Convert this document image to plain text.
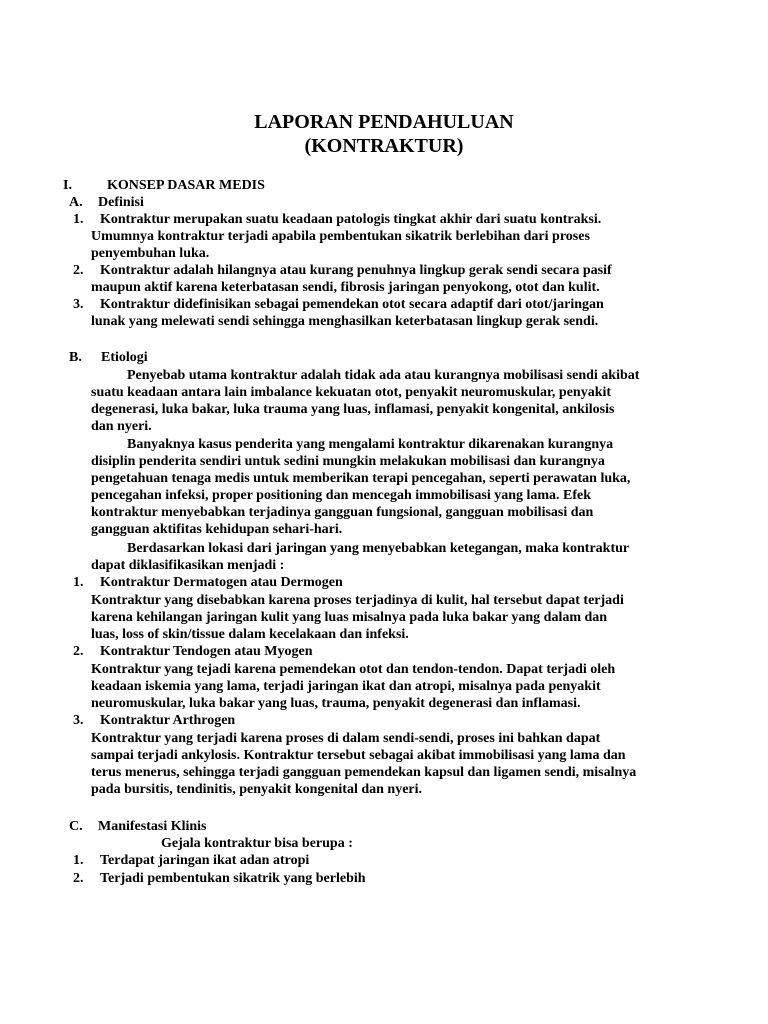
LAPORAN PENDAHULUAN
(KONTRAKTUR)
I.	KONSEP DASAR MEDIS
A. Definisi
1. Kontraktur merupakan suatu keadaan patologis tingkat akhir dari suatu kontraksi.
Umumnya kontraktur terjadi apabila pembentukan sikatrik berlebihan dari proses
penyembuhan luka.
2. Kontraktur adalah hilangnya atau kurang penuhnya lingkup gerak sendi secara pasif
maupun aktif karena keterbatasan sendi, fibrosis jaringan penyokong, otot dan kulit.
3. Kontraktur didefinisikan sebagai pemendekan otot secara adaptif dari otot/jaringan
lunak yang melewati sendi sehingga menghasilkan keterbatasan lingkup gerak sendi.
B. Etiologi
Penyebab utama kontraktur adalah tidak ada atau kurangnya mobilisasi sendi akibat
suatu keadaan antara lain imbalance kekuatan otot, penyakit neuromuskular, penyakit
degenerasi, luka bakar, luka trauma yang luas, inflamasi, penyakit kongenital, ankilosis
dan nyeri.
Banyaknya kasus penderita yang mengalami kontraktur dikarenakan kurangnya
disiplin penderita sendiri untuk sedini mungkin melakukan mobilisasi dan kurangnya
pengetahuan tenaga medis untuk memberikan terapi pencegahan, seperti perawatan luka,
pencegahan infeksi, proper positioning dan mencegah immobilisasi yang lama. Efek
kontraktur menyebabkan terjadinya gangguan fungsional, gangguan mobilisasi dan
gangguan aktifitas kehidupan sehari-hari.
Berdasarkan lokasi dari jaringan yang menyebabkan ketegangan, maka kontraktur
dapat diklasifikasikan menjadi :
1. Kontraktur Dermatogen atau Dermogen
Kontraktur yang disebabkan karena proses terjadinya di kulit, hal tersebut dapat terjadi
karena kehilangan jaringan kulit yang luas misalnya pada luka bakar yang dalam dan
luas, loss of skin/tissue dalam kecelakaan dan infeksi.
2. Kontraktur Tendogen atau Myogen
Kontraktur yang tejadi karena pemendekan otot dan tendon-tendon. Dapat terjadi oleh
keadaan iskemia yang lama, terjadi jaringan ikat dan atropi, misalnya pada penyakit
neuromuskular, luka bakar yang luas, trauma, penyakit degenerasi dan inflamasi.
3. Kontraktur Arthrogen
Kontraktur yang terjadi karena proses di dalam sendi-sendi, proses ini bahkan dapat
sampai terjadi ankylosis. Kontraktur tersebut sebagai akibat immobilisasi yang lama dan
terus menerus, sehingga terjadi gangguan pemendekan kapsul dan ligamen sendi, misalnya
pada bursitis, tendinitis, penyakit kongenital dan nyeri.
C. Manifestasi Klinis
Gejala kontraktur bisa berupa :
1. Terdapat jaringan ikat adan atropi
2. Terjadi pembentukan sikatrik yang berlebih
